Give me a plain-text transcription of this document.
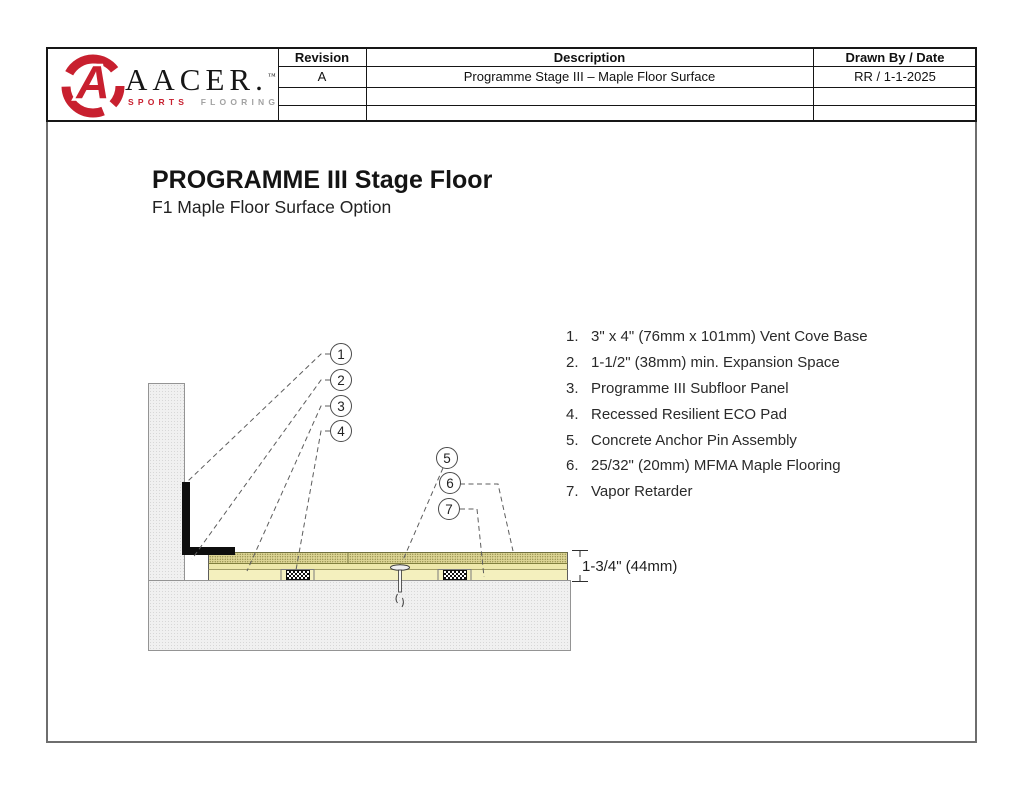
Revision	Description	Drawn By / Date
A	Programme Stage III – Maple Floor Surface	RR / 1-1-2025
A AACER.™
SPORTS FLOORING
PROGRAMME III Stage Floor
F1 Maple Floor Surface Option
1. 3" x 4" (76mm x 101mm) Vent Cove Base
2. 1-1/2" (38mm) min. Expansion Space
3. Programme III Subfloor Panel
4. Recessed Resilient ECO Pad
5. Concrete Anchor Pin Assembly
6. 25/32" (20mm) MFMA Maple Flooring
7. Vapor Retarder
1
2
3
4
5
6
7
1-3/4" (44mm)
